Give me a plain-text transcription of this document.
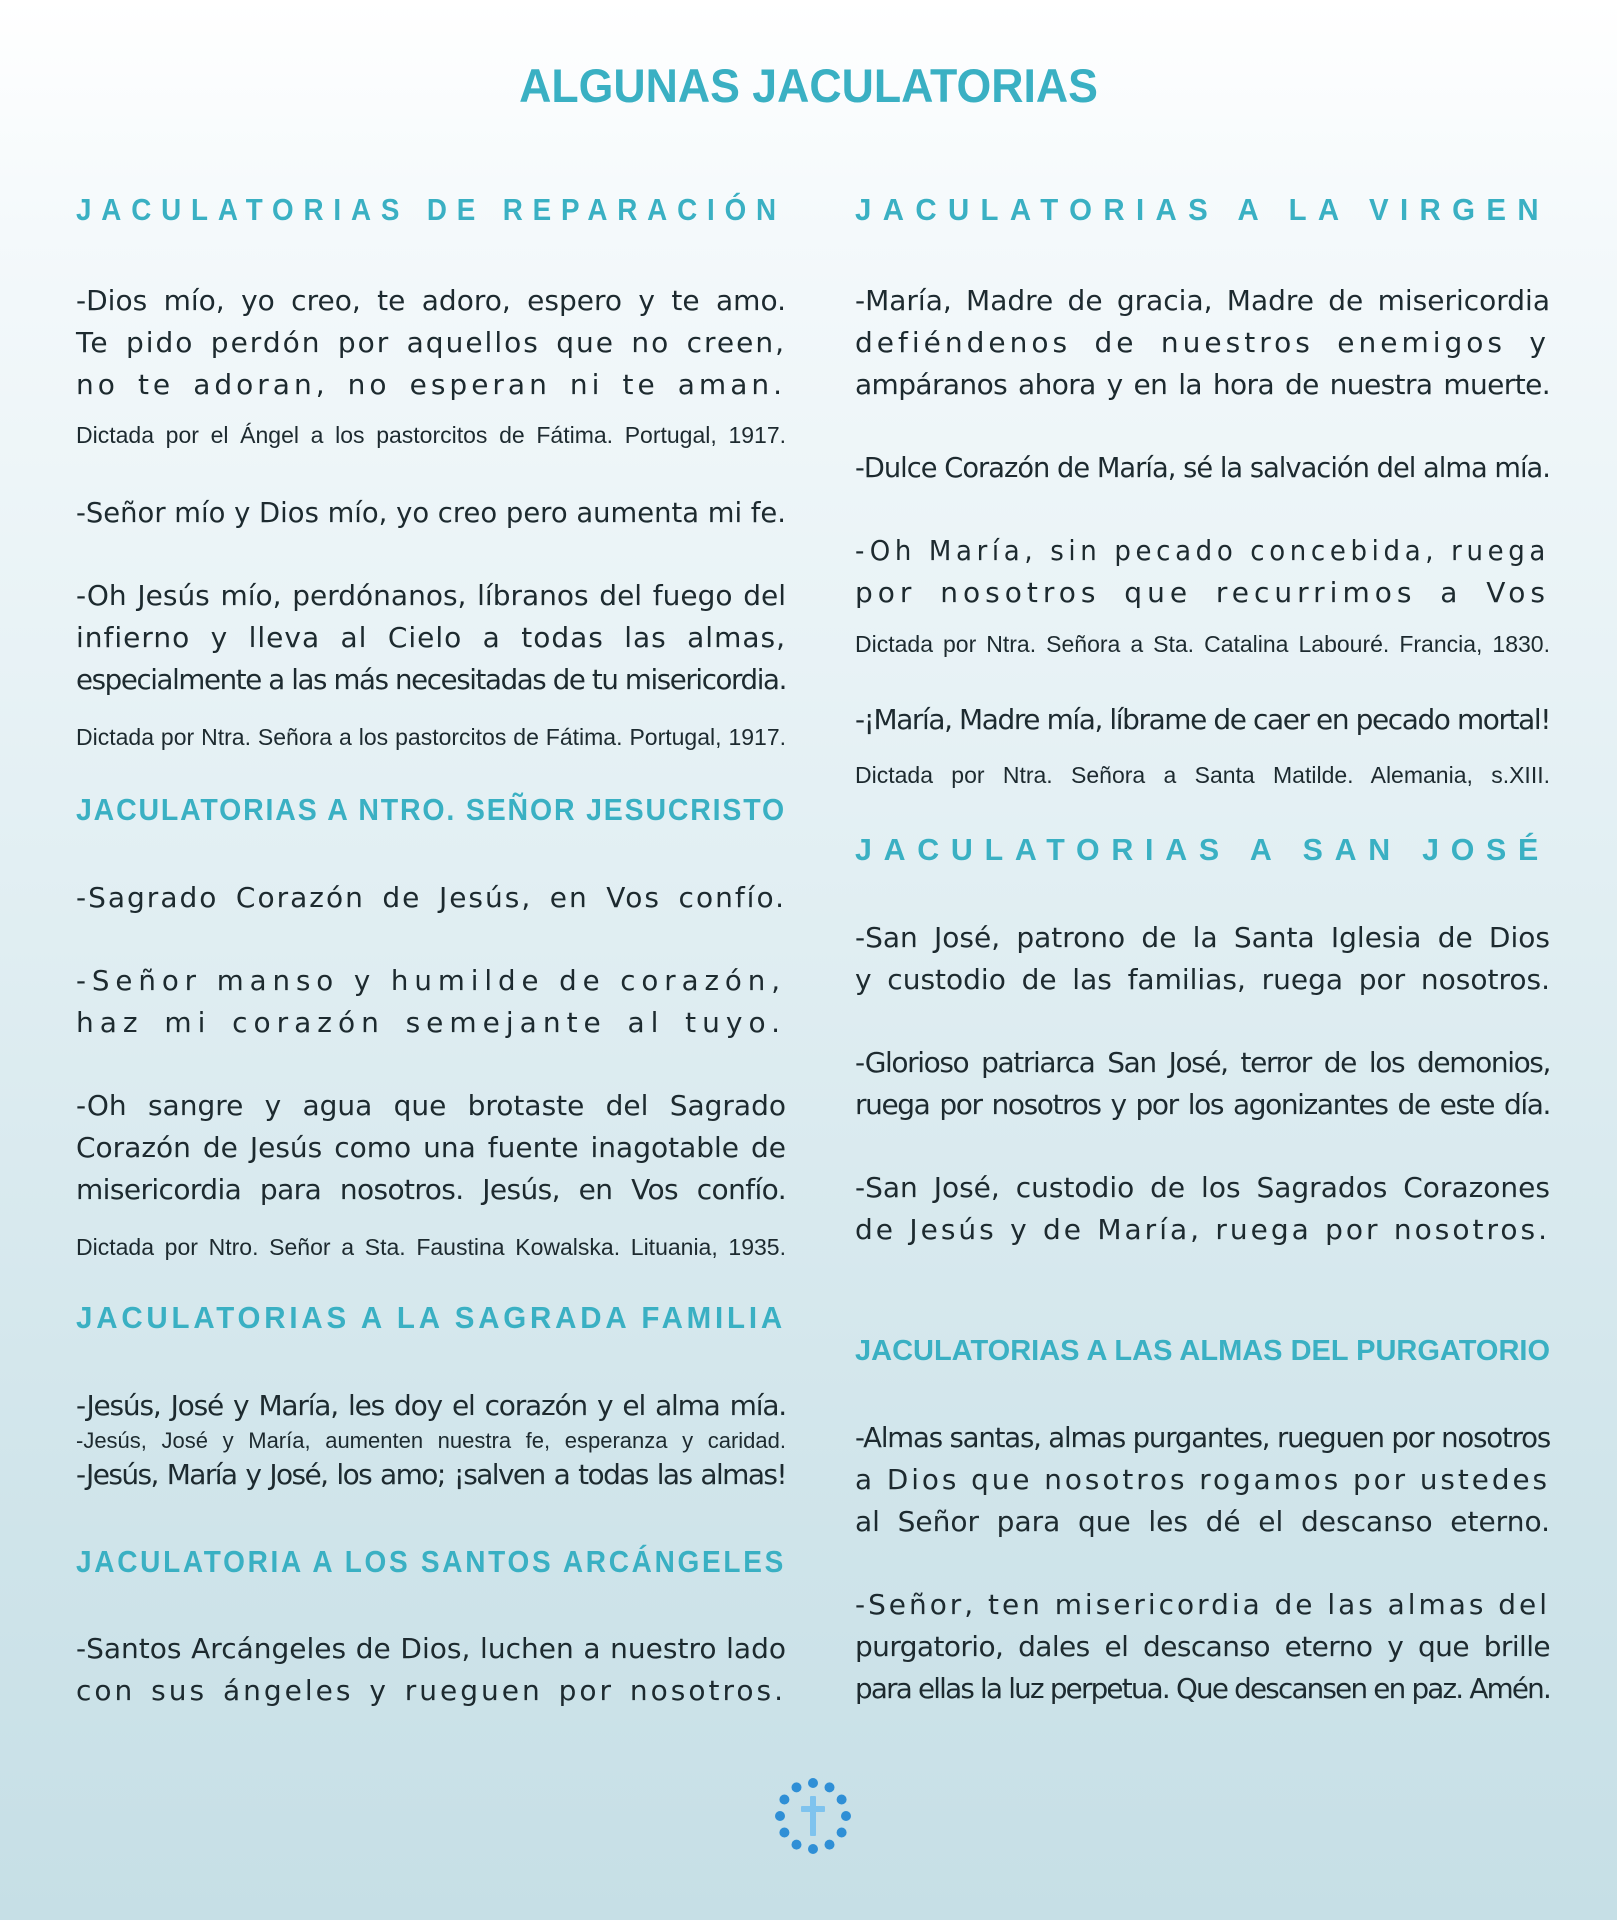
ALGUNAS JACULATORIAS
JACULATORIAS DE REPARACIÓN
-Dios mío, yo creo, te adoro, espero y te amo.
Te pido perdón por aquellos que no creen,
no te adoran, no esperan ni te aman.
Dictada por el Ángel a los pastorcitos de Fátima. Portugal, 1917.
-Señor mío y Dios mío, yo creo pero aumenta mi fe.
-Oh Jesús mío, perdónanos, líbranos del fuego del
infierno y lleva al Cielo a todas las almas,
especialmente a las más necesitadas de tu misericordia.
Dictada por Ntra. Señora a los pastorcitos de Fátima. Portugal, 1917.
JACULATORIAS A NTRO. SEÑOR JESUCRISTO
-Sagrado Corazón de Jesús, en Vos confío.
-Señor manso y humilde de corazón,
haz mi corazón semejante al tuyo.
-Oh sangre y agua que brotaste del Sagrado
Corazón de Jesús como una fuente inagotable de
misericordia para nosotros. Jesús, en Vos confío.
Dictada por Ntro. Señor a Sta. Faustina Kowalska. Lituania, 1935.
JACULATORIAS A LA SAGRADA FAMILIA
-Jesús, José y María, les doy el corazón y el alma mía.
-Jesús, José y María, aumenten nuestra fe, esperanza y caridad.
-Jesús, María y José, los amo; ¡salven a todas las almas!
JACULATORIA A LOS SANTOS ARCÁNGELES
-Santos Arcángeles de Dios, luchen a nuestro lado
con sus ángeles y rueguen por nosotros.
JACULATORIAS A LA VIRGEN
-María, Madre de gracia, Madre de misericordia
defiéndenos de nuestros enemigos y
ampáranos ahora y en la hora de nuestra muerte.
-Dulce Corazón de María, sé la salvación del alma mía.
-Oh María, sin pecado concebida, ruega
por nosotros que recurrimos a Vos
Dictada por Ntra. Señora a Sta. Catalina Labouré. Francia, 1830.
-¡María, Madre mía, líbrame de caer en pecado mortal!
Dictada por Ntra. Señora a Santa Matilde. Alemania, s.XIII.
JACULATORIAS A SAN JOSÉ
-San José, patrono de la Santa Iglesia de Dios
y custodio de las familias, ruega por nosotros.
-Glorioso patriarca San José, terror de los demonios,
ruega por nosotros y por los agonizantes de este día.
-San José, custodio de los Sagrados Corazones
de Jesús y de María, ruega por nosotros.
JACULATORIAS A LAS ALMAS DEL PURGATORIO
-Almas santas, almas purgantes, rueguen por nosotros
a Dios que nosotros rogamos por ustedes
al Señor para que les dé el descanso eterno.
-Señor, ten misericordia de las almas del
purgatorio, dales el descanso eterno y que brille
para ellas la luz perpetua. Que descansen en paz. Amén.
